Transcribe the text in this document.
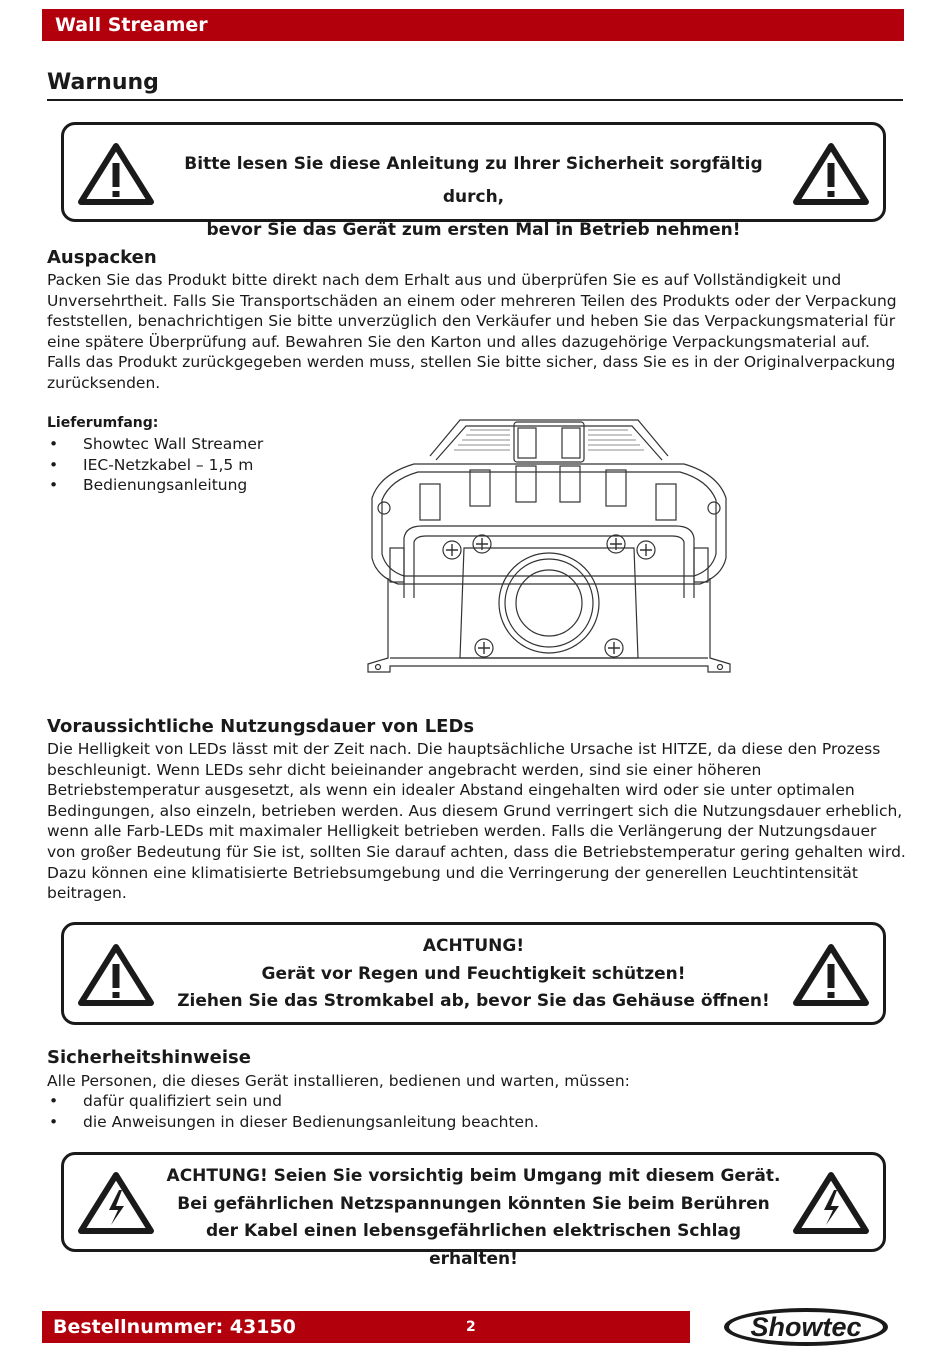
Wall Streamer
Warnung
Bitte lesen Sie diese Anleitung zu Ihrer Sicherheit sorgfältig durch,
bevor Sie das Gerät zum ersten Mal in Betrieb nehmen!
Auspacken
Packen Sie das Produkt bitte direkt nach dem Erhalt aus und überprüfen Sie es auf Vollständigkeit und Unversehrtheit. Falls Sie Transportschäden an einem oder mehreren Teilen des Produkts oder der Verpackung feststellen, benachrichtigen Sie bitte unverzüglich den Verkäufer und heben Sie das Verpackungsmaterial für eine spätere Überprüfung auf. Bewahren Sie den Karton und alles dazugehörige Verpackungsmaterial auf. Falls das Produkt zurückgegeben werden muss, stellen Sie bitte sicher, dass Sie es in der Originalverpackung zurücksenden.
Lieferumfang:
• Showtec Wall Streamer
• IEC-Netzkabel – 1,5 m
• Bedienungsanleitung
Voraussichtliche Nutzungsdauer von LEDs
Die Helligkeit von LEDs lässt mit der Zeit nach. Die hauptsächliche Ursache ist HITZE, da diese den Prozess beschleunigt. Wenn LEDs sehr dicht beieinander angebracht werden, sind sie einer höheren Betriebstemperatur ausgesetzt, als wenn ein idealer Abstand eingehalten wird oder sie unter optimalen Bedingungen, also einzeln, betrieben werden. Aus diesem Grund verringert sich die Nutzungsdauer erheblich, wenn alle Farb-LEDs mit maximaler Helligkeit betrieben werden. Falls die Verlängerung der Nutzungsdauer von großer Bedeutung für Sie ist, sollten Sie darauf achten, dass die Betriebstemperatur gering gehalten wird. Dazu können eine klimatisierte Betriebsumgebung und die Verringerung der generellen Leuchtintensität beitragen.
ACHTUNG!
Gerät vor Regen und Feuchtigkeit schützen!
Ziehen Sie das Stromkabel ab, bevor Sie das Gehäuse öffnen!
Sicherheitshinweise
Alle Personen, die dieses Gerät installieren, bedienen und warten, müssen:
• dafür qualifiziert sein und
• die Anweisungen in dieser Bedienungsanleitung beachten.
ACHTUNG! Seien Sie vorsichtig beim Umgang mit diesem Gerät.
Bei gefährlichen Netzspannungen könnten Sie beim Berühren
der Kabel einen lebensgefährlichen elektrischen Schlag erhalten!
Bestellnummer: 43150	2	Showtec
